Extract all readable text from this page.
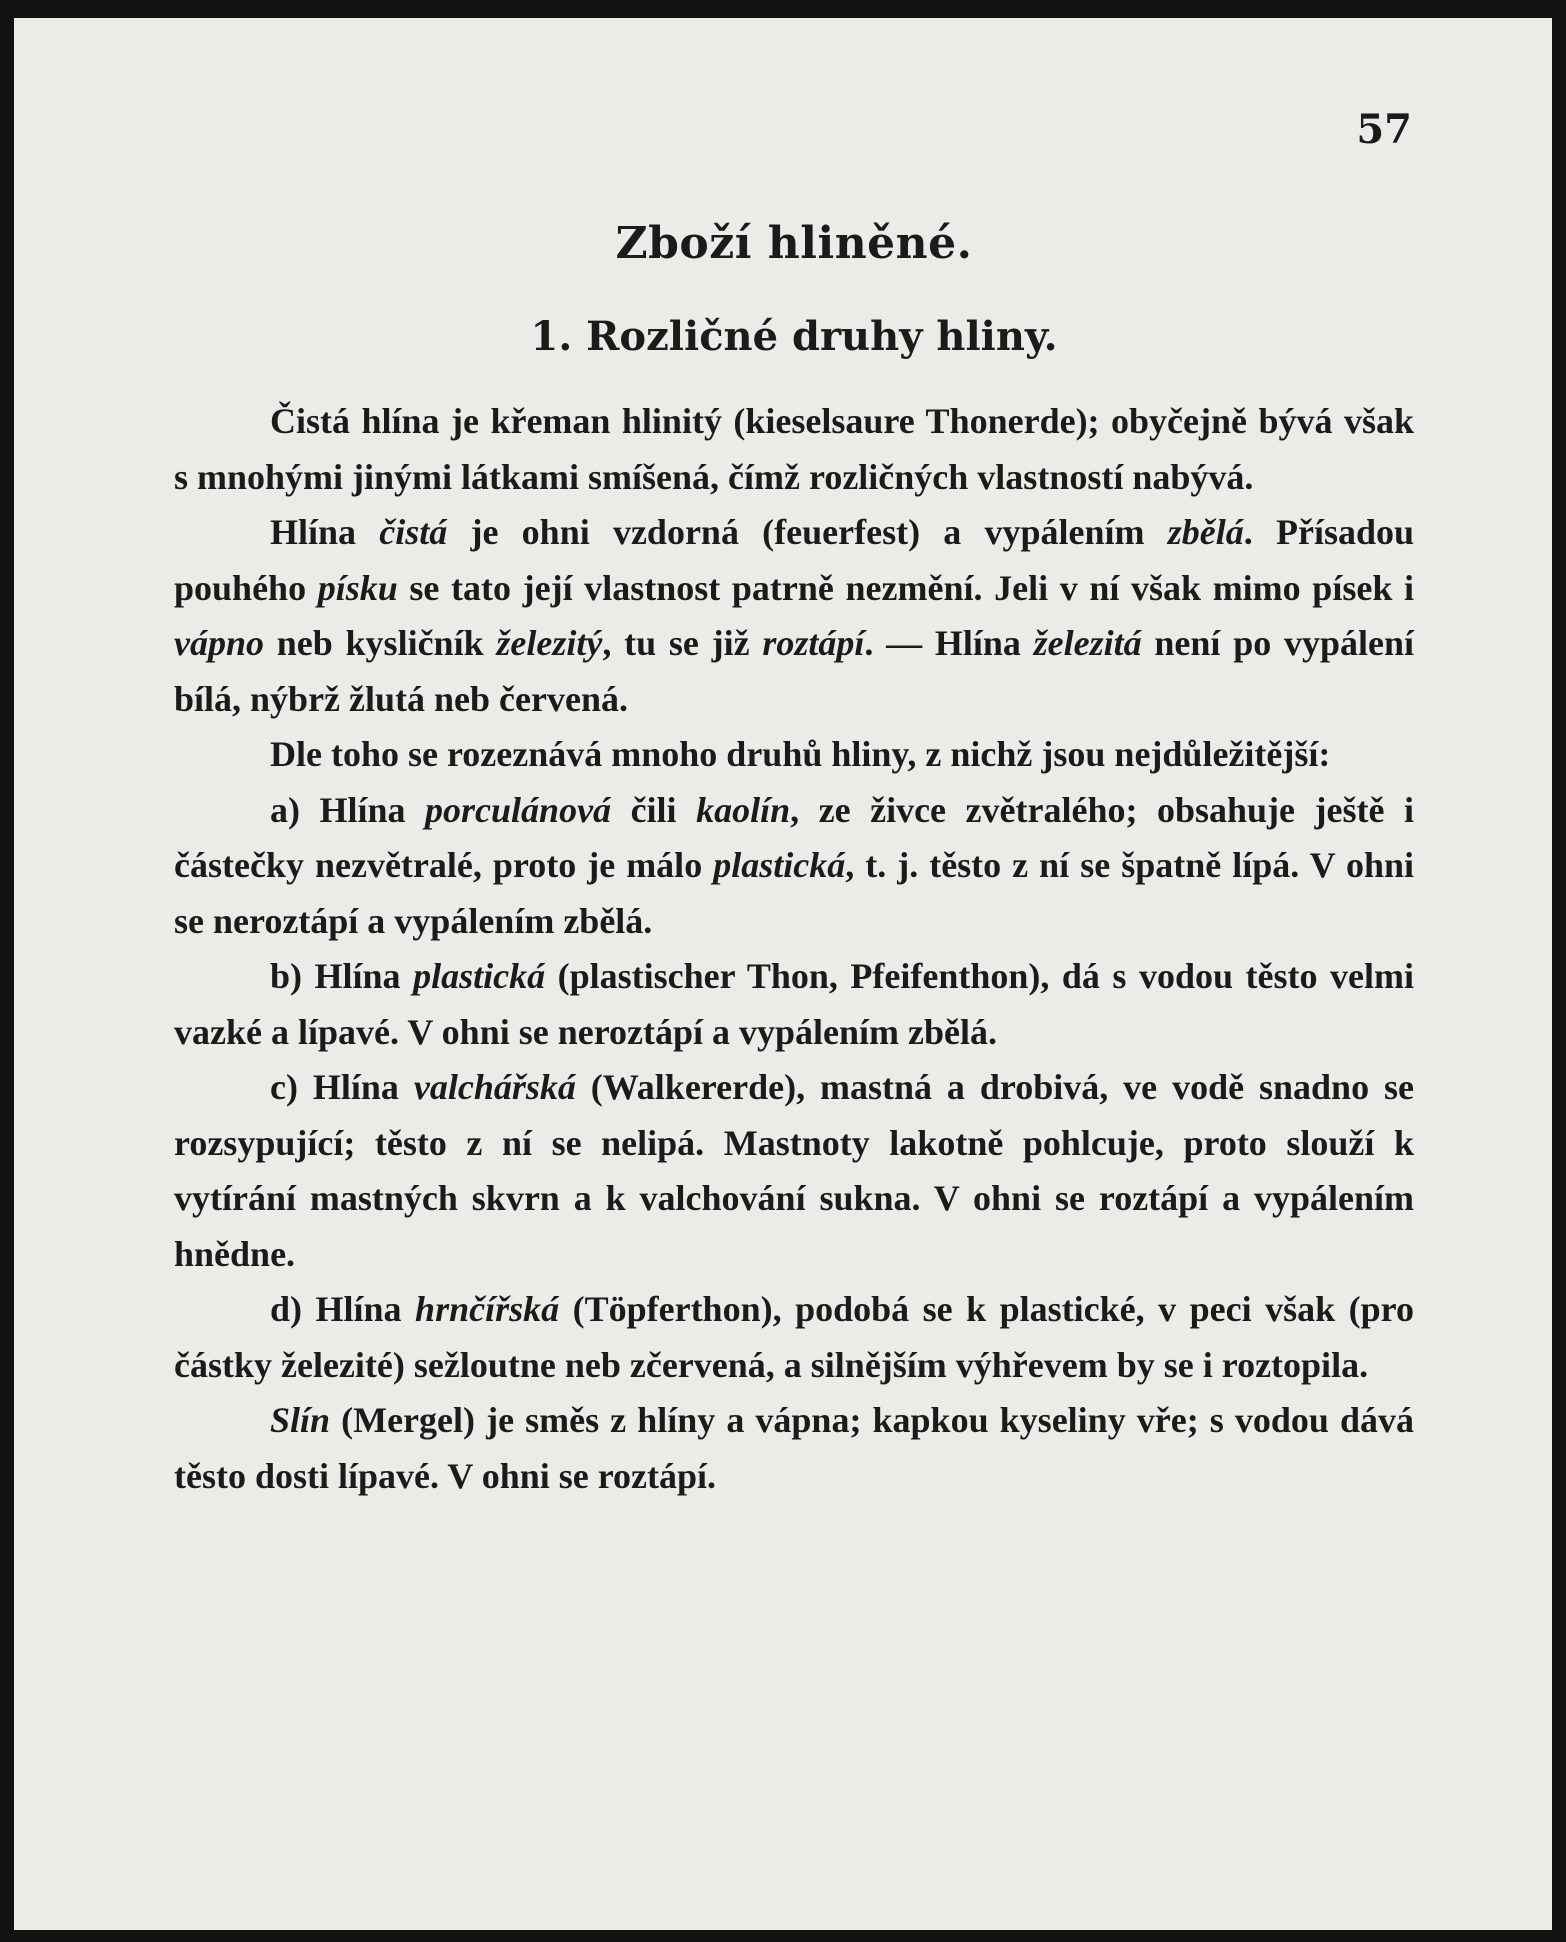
57
Zboží hliněné.
1. Rozličné druhy hliny.

Čistá hlína je křeman hlinitý (kieselsaure Thonerde); obyčejně bývá však s mnohými jinými látkami smíšená, čímž rozličných vlastností nabývá.

Hlína čistá je ohni vzdorná (feuerfest) a vypálením zbělá. Přísadou pouhého písku se tato její vlastnost patrně nezmění. Jeli v ní však mimo písek i vápno neb kysličník železitý, tu se již roztápí. — Hlína železitá není po vypálení bílá, nýbrž žlutá neb červená.

Dle toho se rozeznává mnoho druhů hliny, z nichž jsou nejdůležitější:

a) Hlína porculánová čili kaolín, ze živce zvětralého; obsahuje ještě i částečky nezvětralé, proto je málo plastická, t. j. těsto z ní se špatně lípá. V ohni se neroztápí a vypálením zbělá.

b) Hlína plastická (plastischer Thon, Pfeifenthon), dá s vodou těsto velmi vazké a lípavé. V ohni se neroztápí a vypálením zbělá.

c) Hlína valchářská (Walkererde), mastná a drobivá, ve vodě snadno se rozsypující; těsto z ní se nelipá. Mastnoty lakotně pohlcuje, proto slouží k vytírání mastných skvrn a k valchování sukna. V ohni se roztápí a vypálením hnědne.

d) Hlína hrnčířská (Töpferthon), podobá se k plastické, v peci však (pro částky železité) sežloutne neb zčervená, a silnějším výhřevem by se i roztopila.

Slín (Mergel) je směs z hlíny a vápna; kapkou kyseliny vře; s vodou dává těsto dosti lípavé. V ohni se roztápí.
